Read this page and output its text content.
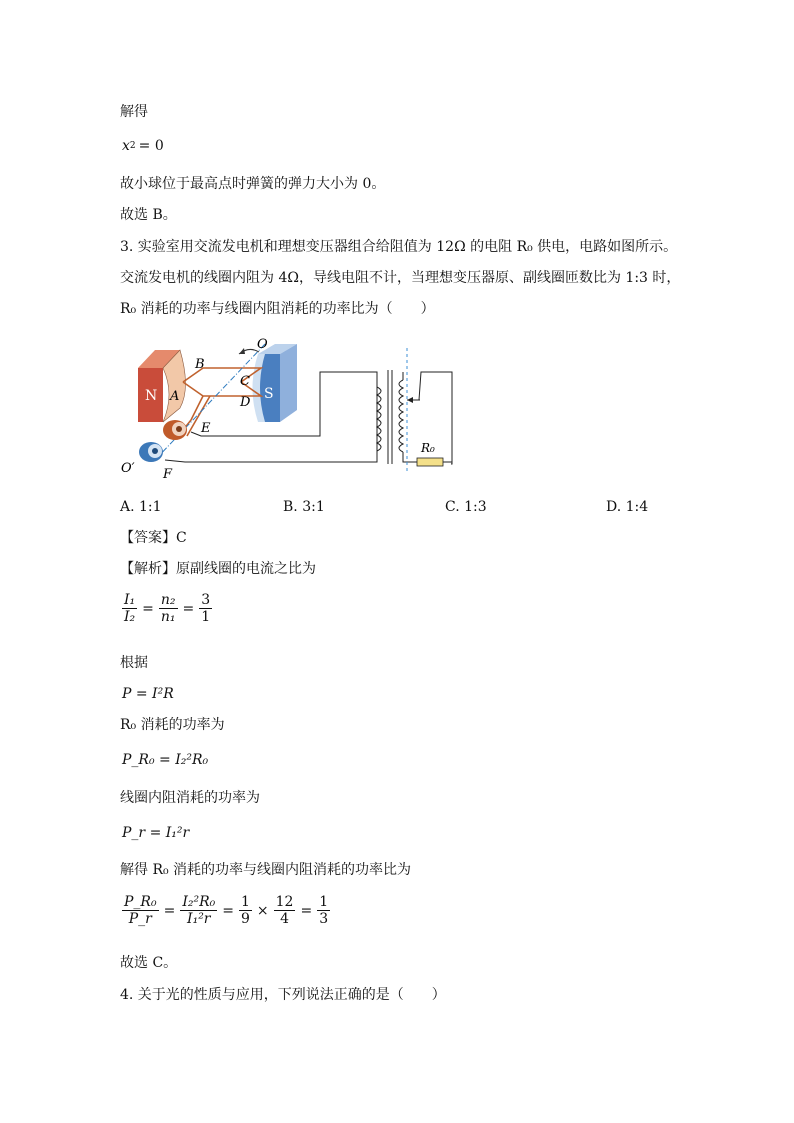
解得
x 2 = 0
故小球位于最高点时弹簧的弹力大小为 0。
故选 B。
3. 实验室用交流发电机和理想变压器组合给阻值为 12Ω 的电阻 R₀ 供电，电路如图所示。
交流发电机的线圈内阻为 4Ω，导线电阻不计，当理想变压器原、副线圈匝数比为 1:3 时，
R₀ 消耗的功率与线圈内阻消耗的功率比为（　　）
N	S
B
A
C
D
E
F
O
O′
R₀
A. 1:1	B. 3:1	C. 1:3	D. 1:4
【答案】C
【解析】原副线圈的电流之比为
$\frac{\text{I₁}}{\text{I₂}} = \frac{\text{n₂}}{\text{n₁}} = \frac{3}{1}$
根据
P = I²R
R₀ 消耗的功率为
P_R₀ = I₂²R₀
线圈内阻消耗的功率为
P_r = I₁²r
解得 R₀ 消耗的功率与线圈内阻消耗的功率比为
$\frac{\text{P\_R₀}}{P\_r} = \frac{\text{I₂²R₀}}{\text{I₁²r}} = \frac{1}{9} \times \frac{12}{4} = \frac{1}{3}$
故选 C。
4. 关于光的性质与应用，下列说法正确的是（　　）
